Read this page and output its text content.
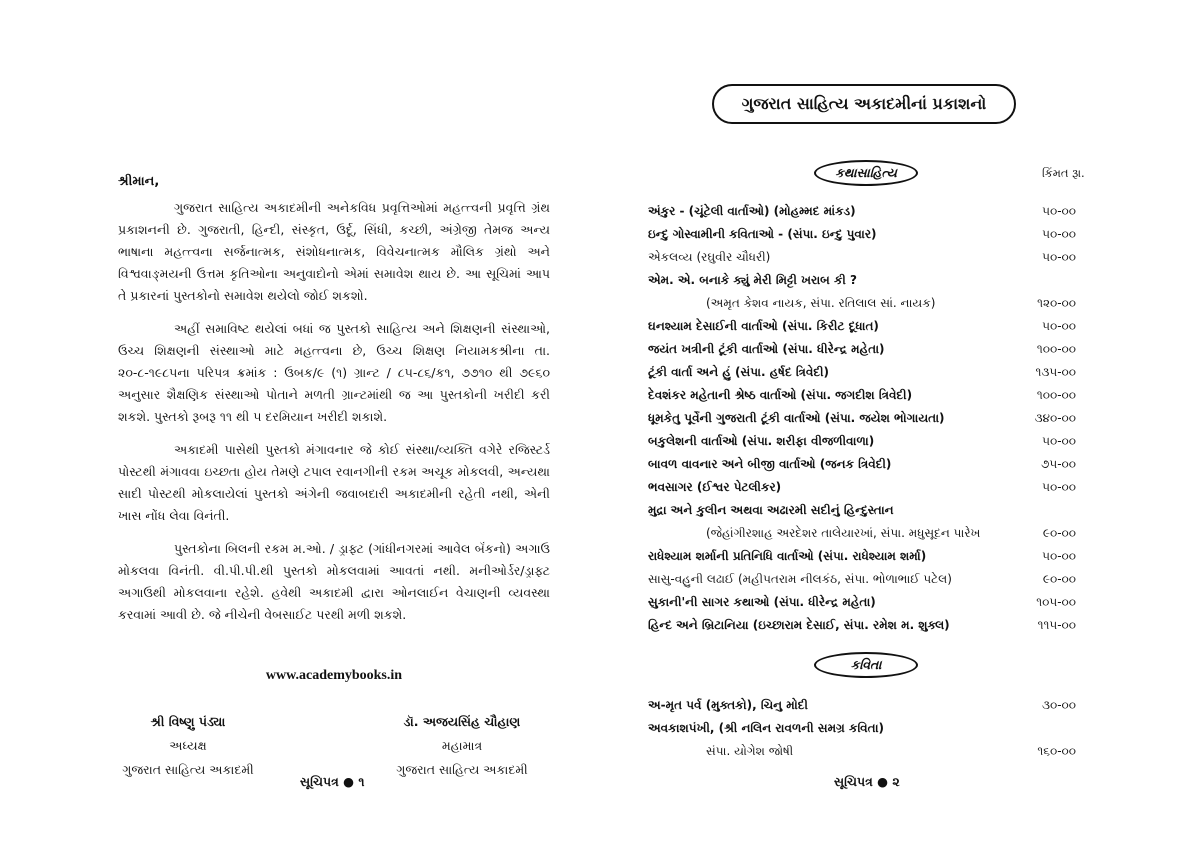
શ્રીમાન,

ગુજરાત સાહિત્ય અકાદમીની અનેકવિધ પ્રવૃત્તિઓમાં મહત્ત્વની પ્રવૃત્તિ ગ્રંથ પ્રકાશનની છે. ગુજરાતી, હિન્દી, સંસ્કૃત, ઉર્દૂ, સિંધી, કચ્છી, અંગ્રેજી તેમજ અન્ય ભાષાના મહત્ત્વના સર્જનાત્મક, સંશોધનાત્મક, વિવેચનાત્મક મૌલિક ગ્રંથો અને વિશ્વવાઙ્‌મયની ઉત્તમ કૃતિઓના અનુવાદોનો એમાં સમાવેશ થાય છે. આ સૂચિમાં આપ તે પ્રકારનાં પુસ્તકોનો સમાવેશ થયેલો જોઈ શકશો.

અહીં સમાવિષ્ટ થયેલાં બધાં જ પુસ્તકો સાહિત્ય અને શિક્ષણની સંસ્થાઓ, ઉચ્ચ શિક્ષણની સંસ્થાઓ માટે મહત્ત્વના છે, ઉચ્ચ શિક્ષણ નિયામકશ્રીના તા. ૨૦-૮-૧૯૮૫ના પરિપત્ર ક્રમાંક : ઉબક/૯ (૧) ગ્રાન્ટ / ૮૫-૮૬/ક૧, ૭૭૧૦ થી ૭૯૬૦ અનુસાર શૈક્ષણિક સંસ્થાઓ પોતાને મળતી ગ્રાન્ટમાંથી જ આ પુસ્તકોની ખરીદી કરી શકશે. પુસ્તકો રૂબરૂ ૧૧ થી ૫ દરમિયાન ખરીદી શકાશે.

અકાદમી પાસેથી પુસ્તકો મંગાવનાર જે કોઈ સંસ્થા/વ્યક્તિ વગેરે રજિસ્ટર્ડ પોસ્ટથી મંગાવવા ઇચ્છતા હોય તેમણે ટપાલ રવાનગીની રકમ અચૂક મોકલવી, અન્યથા સાદી પોસ્ટથી મોકલાયેલાં પુસ્તકો અંગેની જવાબદારી અકાદમીની રહેતી નથી, એની ખાસ નોંધ લેવા વિનંતી.

પુસ્તકોના બિલની રકમ મ.ઓ. / ડ્રાફ્ટ (ગાંધીનગરમાં આવેલ બૅંકનો) અગાઉ મોકલવા વિનંતી. વી.પી.પી.થી પુસ્તકો મોકલવામાં આવતાં નથી. મનીઓર્ડર/ડ્રાફ્ટ અગાઉથી મોકલવાના રહેશે. હવેથી અકાદમી દ્વારા ઓનલાઈન વેચાણની વ્યવસ્થા કરવામાં આવી છે. જે નીચેની વેબસાઈટ પરથી મળી શકશે.

www.academybooks.in
શ્રી વિષ્ણુ પંડ્યા
અધ્યક્ષ
ગુજરાત સાહિત્ય અકાદમી
ડૉ. અજયસિંહ ચૌહાણ
મહામાત્ર
ગુજરાત સાહિત્ય અકાદમી
સૂચિપત્ર ● ૧
ગુજરાત સાહિત્ય અકાદમીનાં પ્રકાશનો
કથાસાહિત્ય	કિંમત રૂા.
અંકુર - (ચૂંટેલી વાર્તાઓ) (મોહમ્મદ માંકડ)	૫૦-૦૦
ઇન્દુ ગોસ્વામીની કવિતાઓ - (સંપા. ઇન્દુ પુવાર)	૫૦-૦૦
એકલવ્ય (રઘુવીર ચૌધરી)	૫૦-૦૦
એમ. એ. બનાકે ક્યું મેરી મિટ્ટી ખરાબ કી ?
(અમૃત કેશવ નાયક, સંપા. રતિલાલ સાં. નાયક)	૧૨૦-૦૦
ઘનશ્યામ દેસાઈની વાર્તાઓ (સંપા. કિરીટ દૂધાત)	૫૦-૦૦
જયંત ખત્રીની ટૂંકી વાર્તાઓ (સંપા. ધીરેન્દ્ર મહેતા)	૧૦૦-૦૦
ટૂંકી વાર્તા અને હું (સંપા. હર્ષદ ત્રિવેદી)	૧૩૫-૦૦
દેવશંકર મહેતાની શ્રેષ્ઠ વાર્તાઓ (સંપા. જગદીશ ત્રિવેદી)	૧૦૦-૦૦
ધૂમકેતુ પૂર્વેની ગુજરાતી ટૂંકી વાર્તાઓ (સંપા. જયેશ ભોગાયતા)	૩૪૦-૦૦
બકુલેશની વાર્તાઓ (સંપા. શરીફા વીજળીવાળા)	૫૦-૦૦
બાવળ વાવનાર અને બીજી વાર્તાઓ (જનક ત્રિવેદી)	૭૫-૦૦
ભવસાગર (ઈશ્વર પેટલીકર)	૫૦-૦૦
મુદ્રા અને કુલીન અથવા અઢારમી સદીનું હિન્દુસ્તાન
(જેહાંગીરશાહ અરદેશર તાલેયારખાં, સંપા. મધુસૂદન પારેખ	૯૦-૦૦
રાધેશ્યામ શર્માની પ્રતિનિધિ વાર્તાઓ (સંપા. રાધેશ્યામ શર્મા)	૫૦-૦૦
સાસુ-વહુની લઢાઈ (મહીપતરામ નીલકંઠ, સંપા. ભોળાભાઈ પટેલ)	૯૦-૦૦
સુકાની'ની સાગર કથાઓ (સંપા. ધીરેન્દ્ર મહેતા)	૧૦૫-૦૦
હિન્દ અને બ્રિટાનિયા (ઇચ્છારામ દેસાઈ, સંપા. રમેશ મ. શુક્લ)	૧૧૫-૦૦
કવિતા
અ-મૃત પર્વ (મુક્તકો), ચિનુ મોદી	૩૦-૦૦
અવકાશપંખી, (શ્રી નલિન રાવળની સમગ્ર કવિતા)
સંપા. યોગેશ જોષી	૧૬૦-૦૦
સૂચિપત્ર ● ૨
